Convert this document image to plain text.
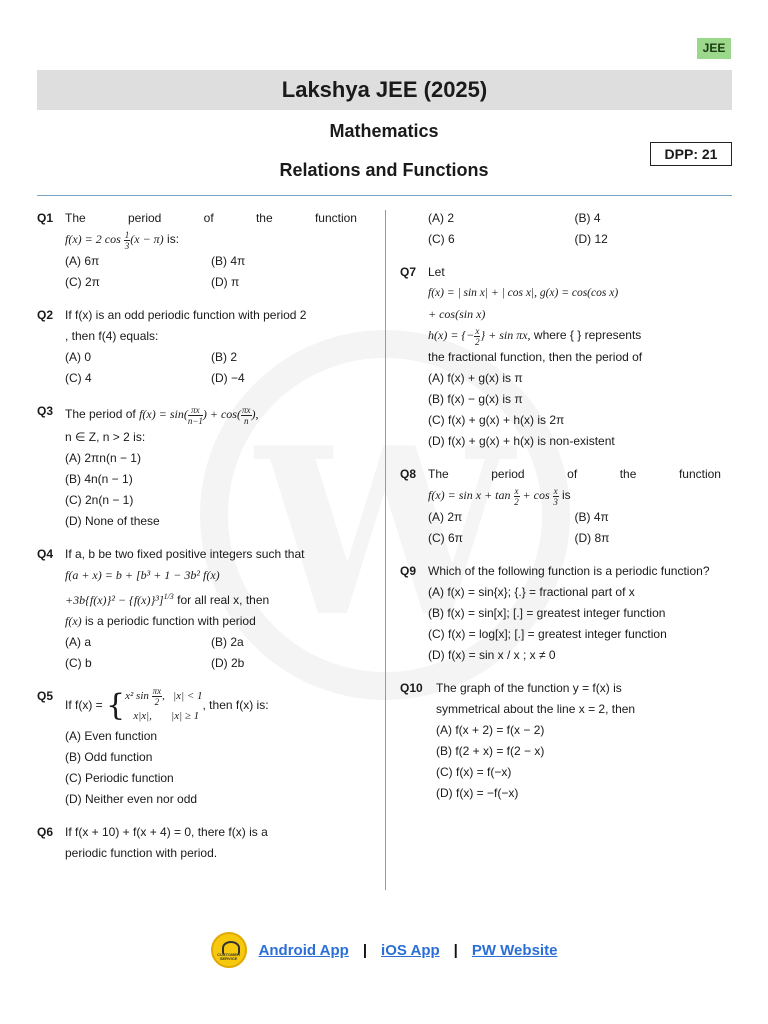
JEE
Lakshya JEE (2025)
Mathematics
Relations and Functions
DPP: 21
Q1 The	period	of	the	function
f(x) = 2 $\cos \frac{1}{3} (x - \pi)$ is:
(A) 6π	(B) 4π
(C) 2π	(D) π
Q2 If f(x) is an odd periodic function with period 2
, then f(4) equals:
(A) 0	(B) 2
(C) 4	(D) −4
Q3 The period of $f(x) = \sin( \frac{\pi x}{n-1}$ ) + $\cos( \frac{\pi x}{n}$ ),
n ∈ Z, n > 2 is:
(A) 2πn(n − 1)
(B) 4n(n − 1)
(C) 2n(n − 1)
(D) None of these
Q4 If a, b be two fixed positive integers such that
f(a + x) = b + [b³ + 1 − 3b² f(x)
+3b{f(x)}² − {f(x)}³]$^{1/3}$ for all real x, then
f(x) is a periodic function with period
(A) a	(B) 2a
(C) b	(D) 2b
Q5
If f(x) =
{ x² $\sin \frac{\pi x}{2}$ ,   |x| < 1
x|x|,       |x| ≥ 1
, then f(x) is:
(A) Even function
(B) Odd function
(C) Periodic function
(D) Neither even nor odd
Q6 If f(x + 10) + f(x + 4) = 0, there f(x) is a
periodic function with period.
(A) 2	(B) 4
(C) 6	(D) 12
Q7 Let
f(x) = | sin x| + | cos x|, g(x) = cos(cos x)
+ cos(sin x)
h(x) = {− $\frac{x}{2}$ } + sin πx, where { } represents
the fractional function, then the period of
(A) f(x) + g(x) is π
(B) f(x) − g(x) is π
(C) f(x) + g(x) + h(x) is 2π
(D) f(x) + g(x) + h(x) is non-existent
Q8 The	period	of	the	function
$f(x) = \sin x + \tan \frac{x}{2} + \cos \frac{x}{3}$ is
(A) 2π	(B) 4π
(C) 6π	(D) 8π
Q9 Which of the following function is a periodic function?
(A) f(x) = sin{x}; {.} = fractional part of x
(B) f(x) = sin[x]; [.] = greatest integer function
(C) f(x) = log[x]; [.] = greatest integer function
(D) f(x) = sin x / x ; x ≠ 0
Q10 The graph of the function y = f(x) is
symmetrical about the line x = 2, then
(A) f(x + 2) = f(x − 2)
(B) f(2 + x) = f(2 − x)
(C) f(x) = f(−x)
(D) f(x) = −f(−x)
CUSTOMER SERVICE	Android App | iOS App | PW Website
